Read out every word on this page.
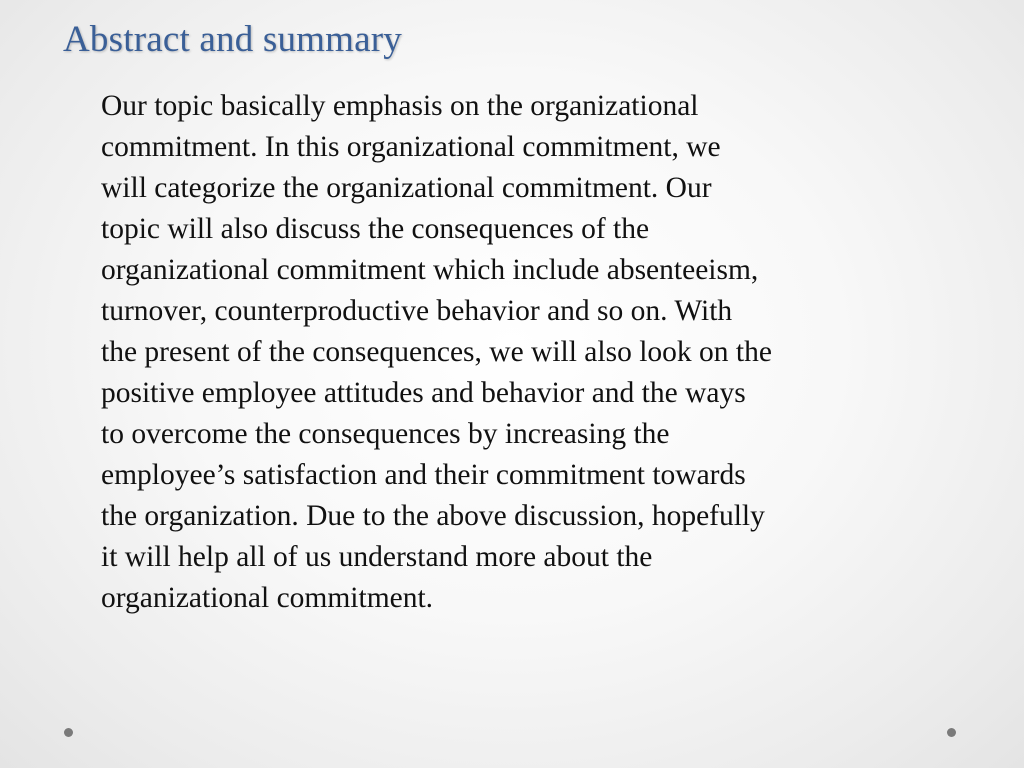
Abstract and summary

Our topic basically emphasis on the organizational
commitment. In this organizational commitment, we
will categorize the organizational commitment. Our
topic will also discuss the consequences of the
organizational commitment which include absenteeism,
turnover, counterproductive behavior and so on. With
the present of the consequences, we will also look on the
positive employee attitudes and behavior and the ways
to overcome the consequences by increasing the
employee’s satisfaction and their commitment towards
the organization. Due to the above discussion, hopefully
it will help all of us understand more about the
organizational commitment.
